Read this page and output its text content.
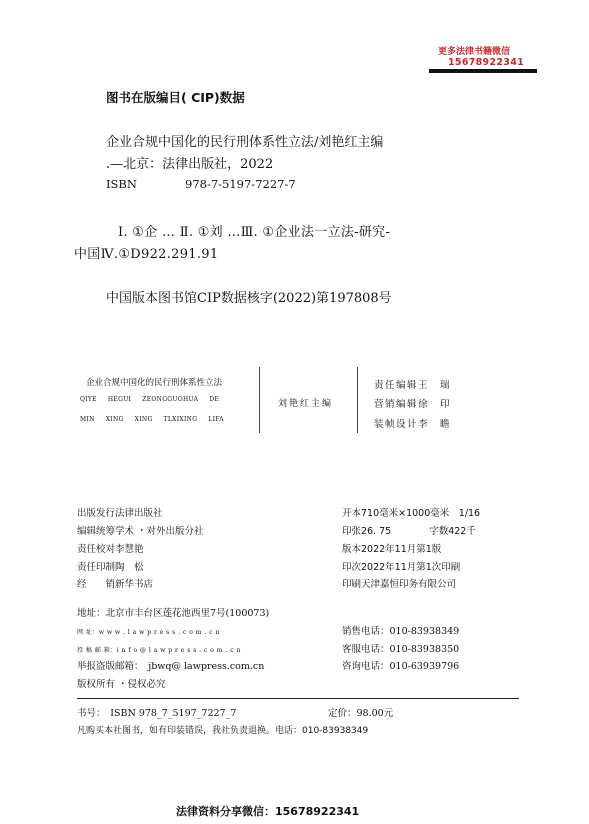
更多法律书籍微信
15678922341
图书在版编目( CIP)数据
企业合规中国化的民行刑体系性立法/刘艳红主编
.—北京：法律出版社，2022
ISBN	978-7-5197-7227-7
Ⅰ. ①企 … Ⅱ. ①刘 …Ⅲ. ①企业法一立法-研究-
中国Ⅳ.①D922.291.91
中国版本图书馆CIP数据核字(2022)第197808号
企业合规中国化的民行刑体系性立法
QIYE HEGUI ZEONGGUOHUA DE
MIN XING XING TLXIXING LIFA
刘艳红主编
责任编辑王　瑞
营销编辑徐　印
装帧设计李　瞻
出版发行法律出版社
编辑统筹学术 ・对外出版分社
责任校对李慧艳
责任印制陶　松
经　　销新华书店
开本710毫米×1000毫米　1/16
印张26. 75　　　　字数422千
版本2022年11月第1版
印次2022年11月第1次印刷
印刷天津嘉恒印务有限公司
地址：北京市丰台区莲花池西里7号(100073)
网 址：w w w . l a w p r e s s . c o m . c n
投 稿 邮 箱：i n f o @ l a w p r e s s . c o m . c n
举报盗版邮箱：　jbwq@ lawpress.com.cn
版权所有 ・侵权必究
销售电话：010-83938349
客服电话：010-83938350
咨询电话：010-63939796
书号：　ISBN 978_7_5197_7227_7	定价：98.00元
凡购买本社图书，如有印装错误，我社负责退换。电话：010-83938349
法律资料分享微信：15678922341
